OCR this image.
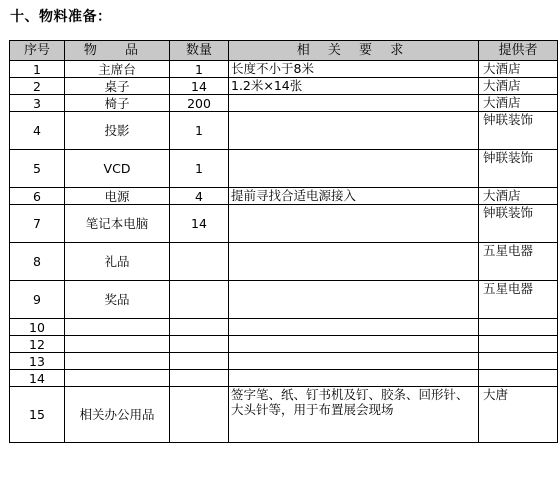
十、物料准备：
序号	物 品	数量	相 关 要 求	提供者
1	主席台	1	长度不小于8米	大酒店
2	桌子	14	1.2米×14张	大酒店
3	椅子	200		大酒店
4	投影	1		钟联装饰
5	VCD	1		钟联装饰
6	电源	4	提前寻找合适电源接入	大酒店
7	笔记本电脑	14		钟联装饰
8	礼品			五星电器
9	奖品			五星电器
10				
12				
13				
14				
15	相关办公用品		签字笔、纸、钉书机及钉、胶条、回形针、大头针等，用于布置展会现场	大唐
